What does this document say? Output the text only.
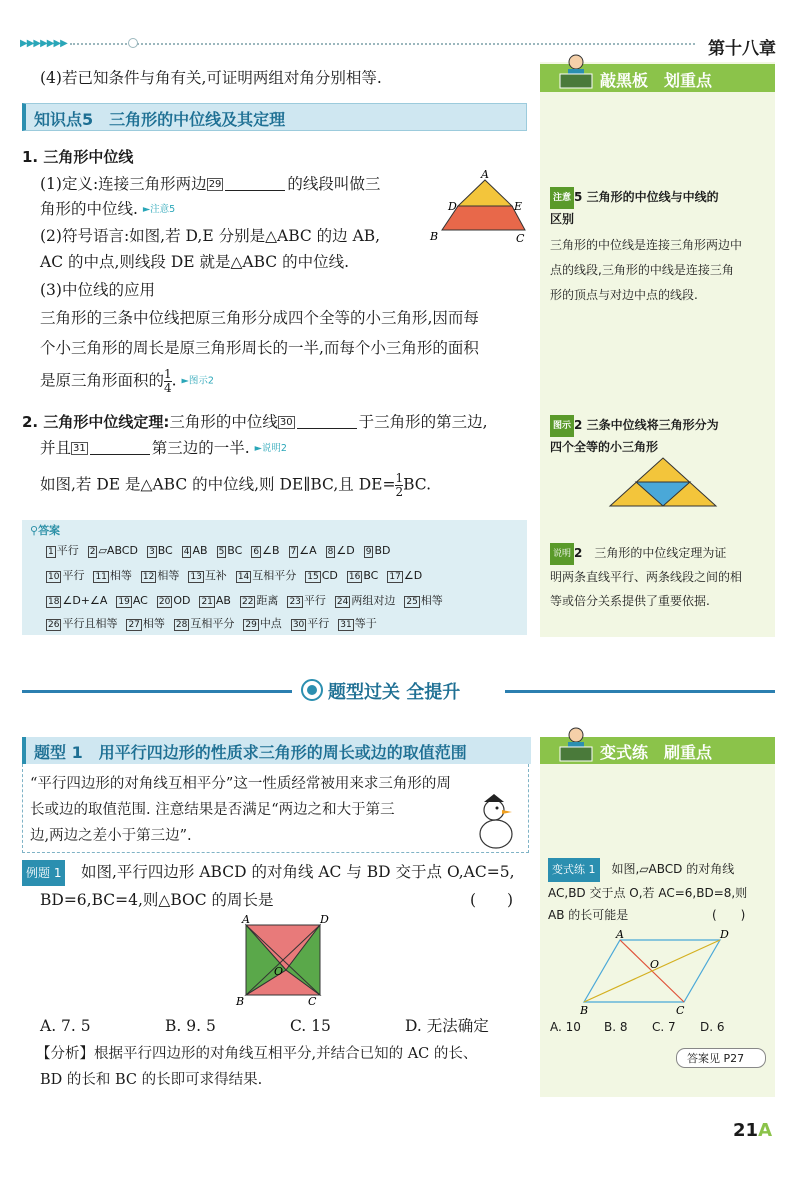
▶▶▶▶▶▶▶	第十八章
(4)若已知条件与角有关,可证明两组对角分别相等.
知识点5　三角形的中位线及其定理
1. 三角形中位线
(1)定义:连接三角形两边 29	的线段叫做三
角形的中位线. ►注意5
(2)符号语言:如图,若 D,E 分别是△ABC 的边 AB,
AC 的中点,则线段 DE 就是△ABC 的中位线.
(3)中位线的应用
三角形的三条中位线把原三角形分成四个全等的小三角形,因而每
个小三角形的周长是原三角形周长的一半,而每个小三角形的面积
是原三角形面积的 $\frac{1}{4}$ . ►图示2
A
D	E
B	C
2. 三角形中位线定理:三角形的中位线 30	于三角形的第三边,
并且 31	第三边的一半. ►说明2
如图,若 DE 是△ABC 的中位线,则 DE∥BC,且 $DE= \frac{1}{2}$ BC.
敲黑板　划重点
注意 5 三角形的中位线与中线的
区别
三角形的中位线是连接三角形两边中
点的线段,三角形的中线是连接三角
形的顶点与对边中点的线段.
图示 2 三条中位线将三角形分为
四个全等的小三角形
说明 2　 三角形的中位线定理为证
明两条直线平行、两条线段之间的相
等或倍分关系提供了重要依据.
⚲答案
1 平行 2 ▱ABCD 3 BC 4 AB 5 BC 6 ∠B 7 ∠A 8 ∠D 9 BD
10 平行 11 相等 12 相等 13 互补 14 互相平分 15 CD 16 BC 17 ∠D
18 ∠D+∠A 19 AC 20 OD 21 AB 22 距离 23 平行 24 两组对边 25 相等
26 平行且相等 27 相等 28 互相平分 29 中点 30 平行 31 等于
题型过关 全提升
题型 1　用平行四边形的性质求三角形的周长或边的取值范围
“平行四边形的对角线互相平分”这一性质经常被用来求三角形的周
长或边的取值范围. 注意结果是否满足“两边之和大于第三
边,两边之差小于第三边”.
例题 1　 如图,平行四边形 ABCD 的对角线 AC 与 BD 交于点 O,AC=5,
BD=6,BC=4,则△BOC 的周长是	(　　)
A	D
B	C
O
A. 7. 5	B. 9. 5	C. 15	D. 无法确定
【分析】根据平行四边形的对角线互相平分,并结合已知的 AC 的长、
BD 的长和 BC 的长即可求得结果.
变式练　刷重点
变式练 1　 如图,▱ABCD 的对角线
AC,BD 交于点 O,若 AC=6,BD=8,则
AB 的长可能是	(　　)
A	D
B	C
O
A. 10 B. 8 C. 7 D. 6
答案见 P27
21A
